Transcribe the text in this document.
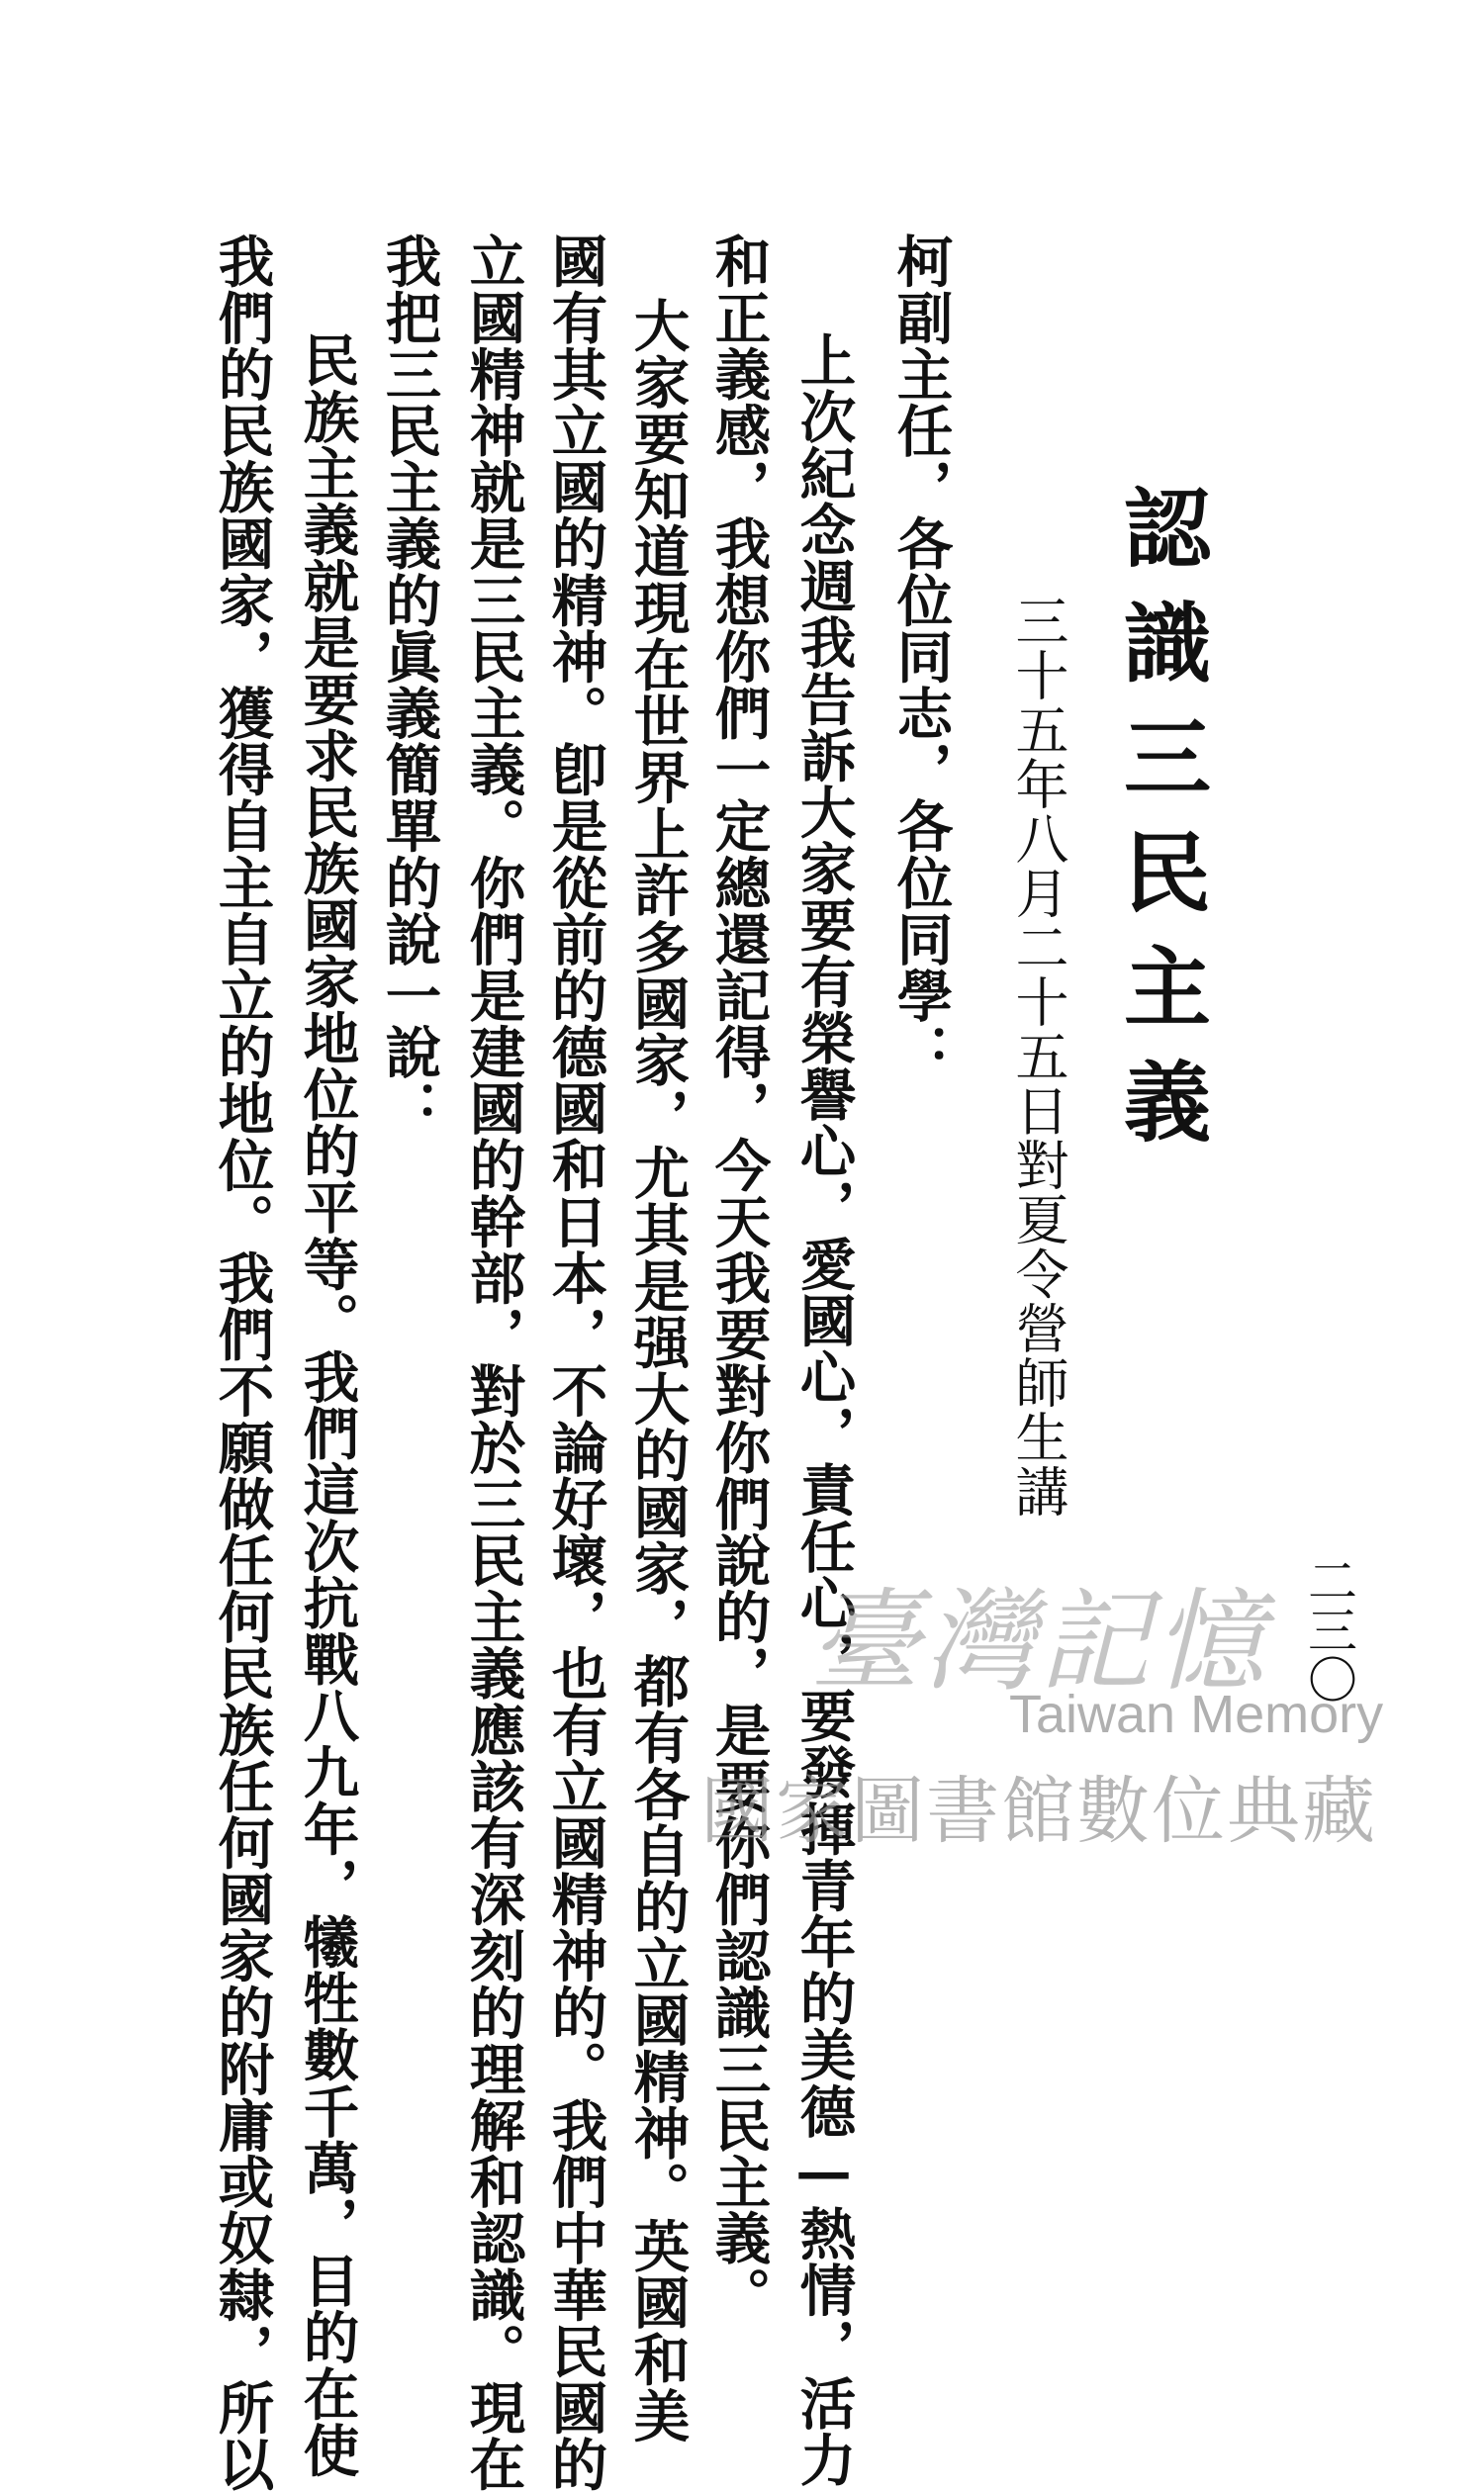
認識三民主義
三十五年八月二十五日對夏令營師生講
二三〇
柯副主任，各位同志，各位同學：
上次紀念週我告訴大家要有榮譽心，愛國心，責任心，要發揮青年的美德—熱情，活力
和正義感，我想你們一定總還記得，今天我要對你們說的，是要你們認識三民主義。
大家要知道現在世界上許多國家，尤其是强大的國家，都有各自的立國精神。英國和美
國有其立國的精神。卽是從前的德國和日本，不論好壞，也有立國精神的。我們中華民國的
立國精神就是三民主義。你們是建國的幹部，對於三民主義應該有深刻的理解和認識。現在
我把三民主義的眞義簡單的說一說：
民族主義就是要求民族國家地位的平等。我們這次抗戰八九年，犧牲數千萬，目的在使
我們的民族國家，獲得自主自立的地位。我們不願做任何民族任何國家的附庸或奴隸，所以	臺灣記憶
Taiwan Memory
國家圖書館數位典藏
